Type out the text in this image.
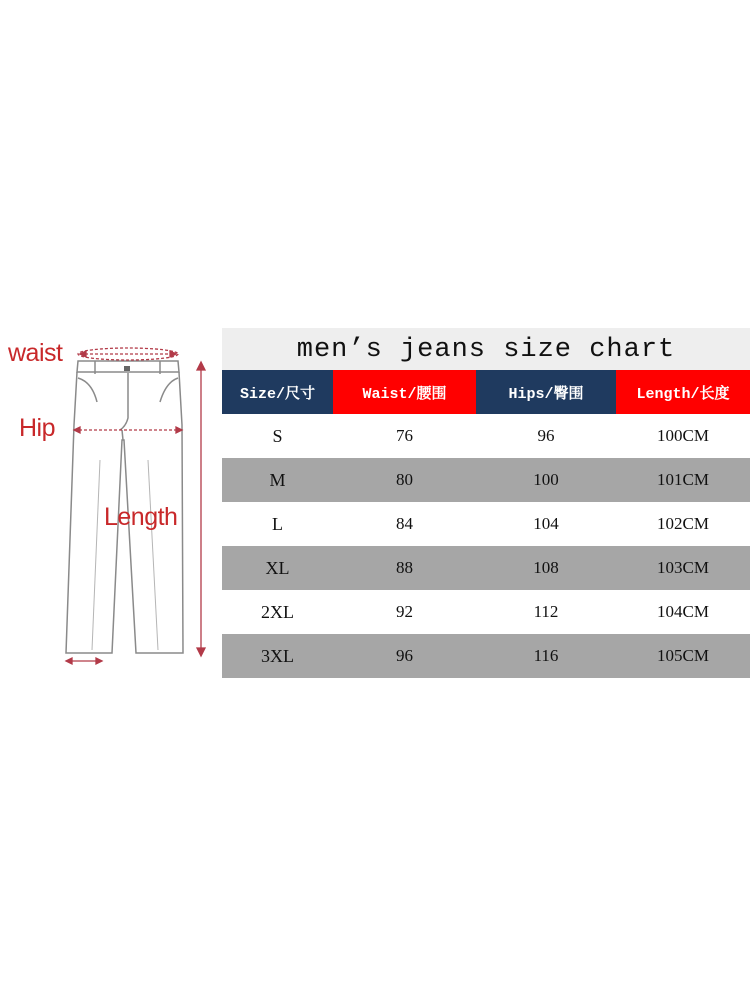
waist
Hip
Length
men’s jeans size chart
Size/尺寸	Waist/腰围	Hips/臀围	Length/长度
S	76	96	100CM
M	80	100	101CM
L	84	104	102CM
XL	88	108	103CM
2XL	92	112	104CM
3XL	96	116	105CM
